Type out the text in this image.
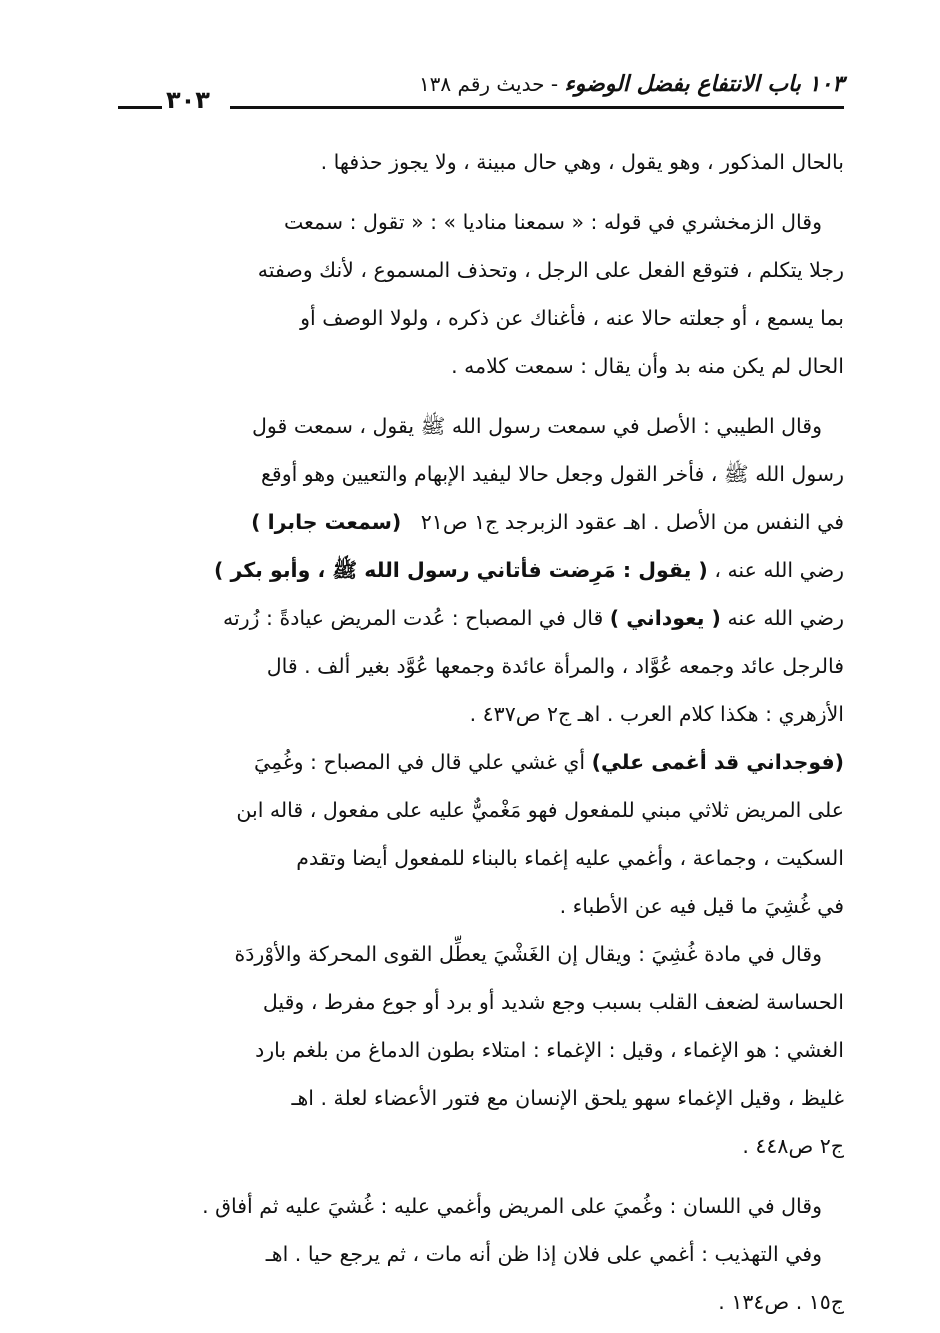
١٠٣ باب الانتفاع بفضل الوضوء - حديث رقم ١٣٨
٣٠٣
بالحال المذكور ، وهو يقول ، وهي حال مبينة ، ولا يجوز حذفها .
وقال الزمخشري في قوله : « سمعنا مناديا » : « تقول : سمعت
رجلا يتكلم ، فتوقع الفعل على الرجل ، وتحذف المسموع ، لأنك وصفته
بما يسمع ، أو جعلته حالا عنه ، فأغناك عن ذكره ، ولولا الوصف أو
الحال لم يكن منه بد وأن يقال : سمعت كلامه .
وقال الطيبي : الأصل في سمعت رسول الله ﷺ يقول ، سمعت قول
رسول الله ﷺ ، فأخر القول وجعل حالا ليفيد الإبهام والتعيين وهو أوقع
في النفس من الأصل . اهـ عقود الزبرجد ج١ ص٢١   (سمعت جابرا )
رضي الله عنه ، ( يقول : مَرِضت فأتاني رسول الله ﷺ ، وأبو بكر )
رضي الله عنه ( يعوداني ) قال في المصباح : عُدت المريض عيادةً : زُرته
فالرجل عائد وجمعه عُوَّاد ، والمرأة عائدة وجمعها عُوَّد بغير ألف . قال
الأزهري : هكذا كلام العرب . اهـ ج٢ ص٤٣٧ .
(فوجداني قد أغمى علي) أي غشي علي قال في المصباح : وغُمِيَ
على المريض ثلاثي مبني للمفعول فهو مَغْميٌّ عليه على مفعول ، قاله ابن
السكيت ، وجماعة ، وأغمي عليه إغماء بالبناء للمفعول أيضا وتقدم
في غُشِيَ ما قيل فيه عن الأطباء .
وقال في مادة غُشِيَ : ويقال إن الغَشْيَ يعطِّل القوى المحركة والأوْردَة
الحساسة لضعف القلب بسبب وجع شديد أو برد أو جوع مفرط ، وقيل
الغشي : هو الإغماء ، وقيل : الإغماء : امتلاء بطون الدماغ من بلغم بارد
غليظ ، وقيل الإغماء سهو يلحق الإنسان مع فتور الأعضاء لعلة . اهـ
ج٢ ص٤٤٨ .
وقال في اللسان : وغُميَ على المريض وأغمي عليه : غُشيَ عليه ثم أفاق .
وفي التهذيب : أغمي على فلان إذا ظن أنه مات ، ثم يرجع حيا . اهـ
ج١٥ . ص١٣٤ .
